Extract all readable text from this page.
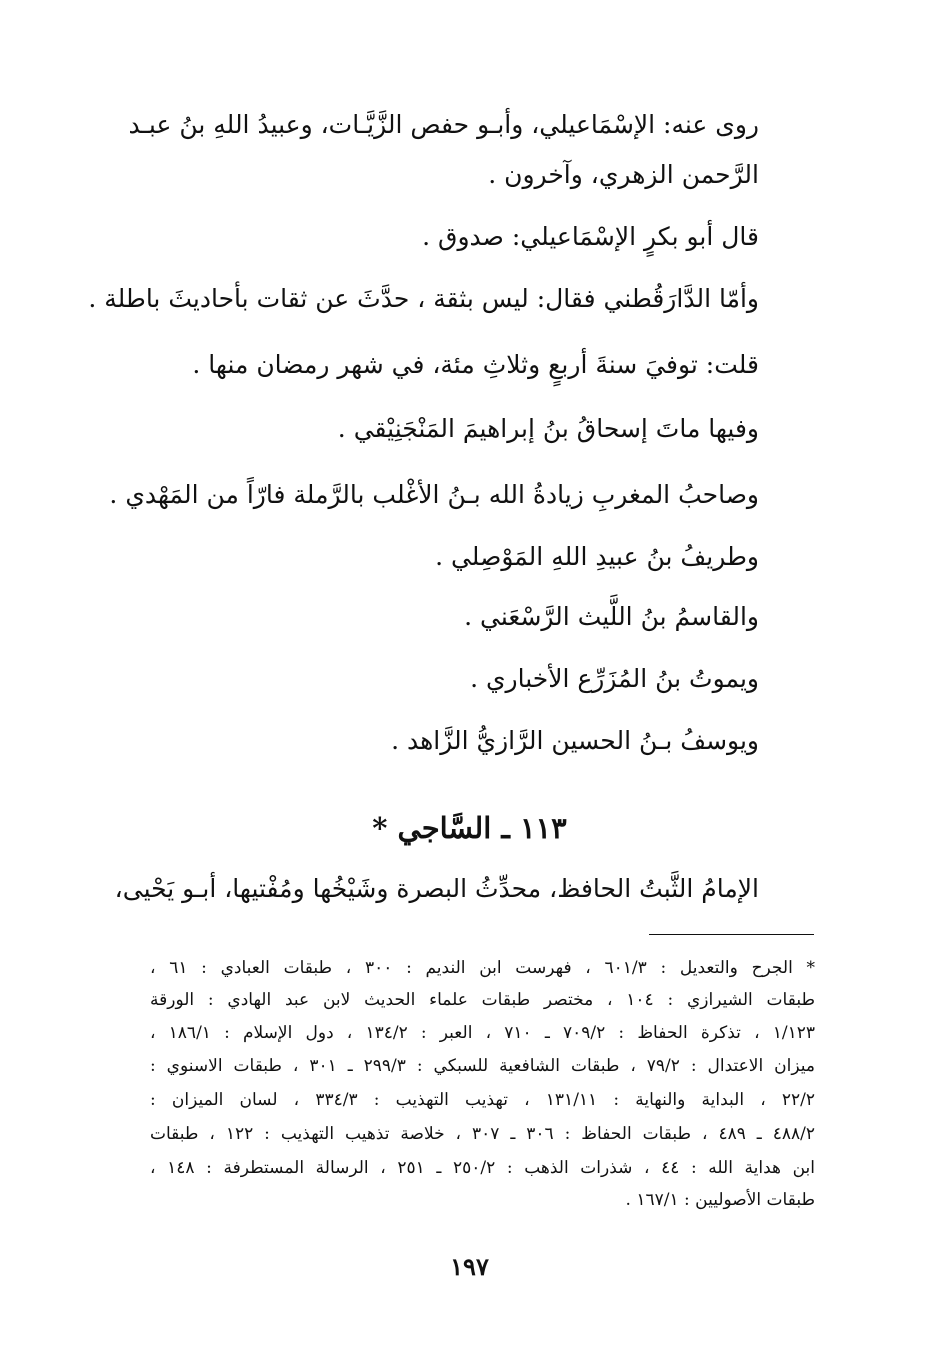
روى عنه: الإسْمَاعيلي، وأبـو حفص الزَّيَّـات، وعبيدُ اللهِ بنُ عبـد
الرَّحمن الزهري، وآخرون .
قال أبو بكرٍ الإسْمَاعيلي: صدوق .
وأمّا الدَّارَقُطني فقال: ليس بثقة ، حدَّثَ عن ثقات بأحاديثَ باطلة .
قلت: توفيَ سنةَ أربعٍ وثلاثِ مئة، في شهر رمضان منها .
وفيها ماتَ إسحاقُ بنُ إبراهيمَ المَنْجَنِيْقي .
وصاحبُ المغربِ زيادةُ الله بـنُ الأغْلب بالرَّملة فارّاً من المَهْدي .
وطريفُ بنُ عبيدِ اللهِ المَوْصِلي .
والقاسمُ بنُ اللَّيث الرَّسْعَني .
ويموتُ بنُ المُزَرِّع الأخباري .
ويوسفُ بـنُ الحسين الرَّازيُّ الزَّاهد .
١١٣ ـ السَّاجي *
الإمامُ الثَّبتُ الحافظ، محدِّثُ البصرة وشَيْخُها ومُفْتيها، أبـو يَحْيى،
* الجرح والتعديل : ٦٠١/٣ ، فهرست ابن النديم : ٣٠٠ ، طبقات العبادي : ٦١ ،
طبقات الشيرازي : ١٠٤ ، مختصر طبقات علماء الحديث لابن عبد الهادي : الورقة
١/١٢٣ ، تذكرة الحفاظ : ٧٠٩/٢ ـ ٧١٠ ، العبر : ١٣٤/٢ ، دول الإسلام : ١٨٦/١ ،
ميزان الاعتدال : ٧٩/٢ ، طبقات الشافعية للسبكي : ٢٩٩/٣ ـ ٣٠١ ، طبقات الاسنوي :
٢٢/٢ ، البداية والنهاية : ١٣١/١١ ، تهذيب التهذيب : ٣٣٤/٣ ، لسان الميزان :
٤٨٨/٢ ـ ٤٨٩ ، طبقات الحفاظ : ٣٠٦ ـ ٣٠٧ ، خلاصة تذهيب التهذيب : ١٢٢ ، طبقات
ابن هداية الله : ٤٤ ، شذرات الذهب : ٢٥٠/٢ ـ ٢٥١ ، الرسالة المستطرفة : ١٤٨ ،
طبقات الأصوليين : ١٦٧/١ .
١٩٧
